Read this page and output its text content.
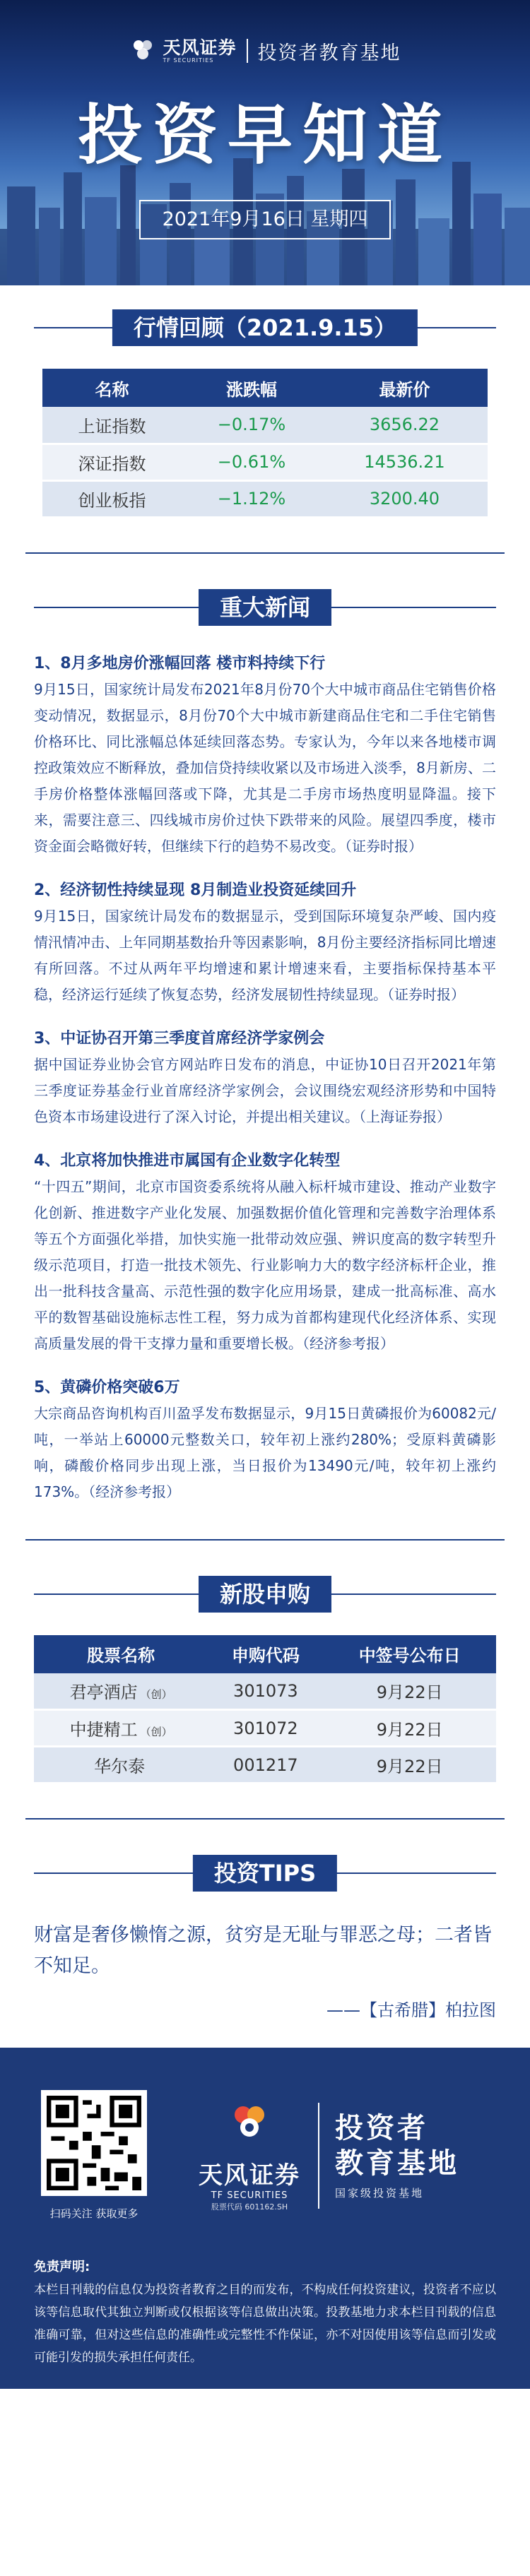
天风证券
TF SECURITIES	投资者教育基地
投资早知道
2021年9月16日 星期四
行情回顾（2021.9.15）
名称	涨跌幅	最新价
上证指数	−0.17%	3656.22
深证指数	−0.61%	14536.21
创业板指	−1.12%	3200.40
重大新闻
1、8月多地房价涨幅回落 楼市料持续下行
9月15日，国家统计局发布2021年8月份70个大中城市商品住宅销售价格变动情况，数据显示，8月份70个大中城市新建商品住宅和二手住宅销售价格环比、同比涨幅总体延续回落态势。专家认为，今年以来各地楼市调控政策效应不断释放，叠加信贷持续收紧以及市场进入淡季，8月新房、二手房价格整体涨幅回落或下降，尤其是二手房市场热度明显降温。接下来，需要注意三、四线城市房价过快下跌带来的风险。展望四季度，楼市资金面会略微好转，但继续下行的趋势不易改变。（证券时报）
2、经济韧性持续显现 8月制造业投资延续回升
9月15日，国家统计局发布的数据显示，受到国际环境复杂严峻、国内疫情汛情冲击、上年同期基数抬升等因素影响，8月份主要经济指标同比增速有所回落。不过从两年平均增速和累计增速来看，主要指标保持基本平稳，经济运行延续了恢复态势，经济发展韧性持续显现。（证券时报）
3、中证协召开第三季度首席经济学家例会
据中国证券业协会官方网站昨日发布的消息，中证协10日召开2021年第三季度证券基金行业首席经济学家例会，会议围绕宏观经济形势和中国特色资本市场建设进行了深入讨论，并提出相关建议。（上海证券报）
4、北京将加快推进市属国有企业数字化转型
“十四五”期间，北京市国资委系统将从融入标杆城市建设、推动产业数字化创新、推进数字产业化发展、加强数据价值化管理和完善数字治理体系等五个方面强化举措，加快实施一批带动效应强、辨识度高的数字转型升级示范项目，打造一批技术领先、行业影响力大的数字经济标杆企业，推出一批科技含量高、示范性强的数字化应用场景，建成一批高标准、高水平的数智基础设施标志性工程，努力成为首都构建现代化经济体系、实现高质量发展的骨干支撑力量和重要增长极。（经济参考报）
5、黄磷价格突破6万
大宗商品咨询机构百川盈孚发布数据显示，9月15日黄磷报价为60082元/吨，一举站上60000元整数关口，较年初上涨约280%；受原料黄磷影响，磷酸价格同步出现上涨，当日报价为13490元/吨，较年初上涨约173%。（经济参考报）
新股申购
股票名称	申购代码	中签号公布日
君亭酒店 （创）	301073	9月22日
中捷精工 （创）	301072	9月22日
华尔泰	001217	9月22日
投资TIPS
财富是奢侈懒惰之源，贫穷是无耻与罪恶之母；二者皆不知足。
——【古希腊】柏拉图
扫码关注 获取更多
天风证券
TF SECURITIES
股票代码 601162.SH
投资者
教育基地
国家级投资基地
免责声明:
本栏目刊载的信息仅为投资者教育之目的而发布，不构成任何投资建议，投资者不应以该等信息取代其独立判断或仅根据该等信息做出决策。投教基地力求本栏目刊载的信息准确可靠，但对这些信息的准确性或完整性不作保证，亦不对因使用该等信息而引发或可能引发的损失承担任何责任。
